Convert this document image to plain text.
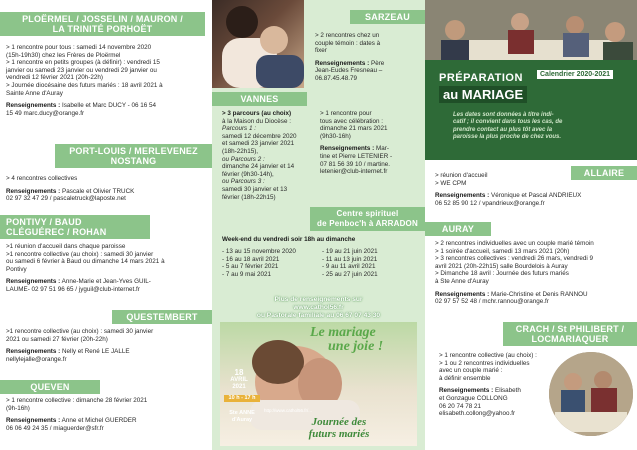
PLOËRMEL / JOSSELIN / MAURON /
LA TRINITÉ PORHOËT
> 1 rencontre pour tous : samedi 14 novembre 2020
(15h-19h30) chez les Frères de Ploërmel
> 1 rencontre en petits groupes (à définir) : vendredi 15
janvier ou samedi 23 janvier ou vendredi 29 janvier ou
vendredi 12 février 2021 (20h-22h)
> Journée diocésaine des futurs mariés : 18 avril 2021 à
Sainte Anne d'Auray
Renseignements : Isabelle et Marc DUCY - 06 16 54
15 49 marc.ducy@orange.fr
PORT-LOUIS / MERLEVENEZ
NOSTANG
> 4 rencontres collectives
Renseignements : Pascale et Olivier TRUCK
02 97 32 47 29 / pascaletruck@laposte.net
PONTIVY / BAUD
CLÉGUÉREC / ROHAN
>1 réunion d'accueil dans chaque paroisse
>1 rencontre collective (au choix) : samedi 30 janvier
ou samedi 6 février à Baud ou dimanche 14 mars 2021 à
Pontivy
Renseignements : Anne-Marie et Jean-Yves GUIL-
LAUME- 02 97 51 96 65 / jyguil@club-internet.fr
QUESTEMBERT
>1 rencontre collective (au choix) : samedi 30 janvier
2021 ou samedi 27 février (20h-22h)
Renseignements : Nelly et René LE JALLE
nellylejalle@orange.fr
QUEVEN
> 1 rencontre collective : dimanche 28 février 2021
(9h-16h)
Renseignements : Anne et Michel GUERDER
06 06 49 24 35 / miaguerder@sfr.fr
SARZEAU
> 2 rencontres chez un
couple témoin : dates à
fixer
Renseignements : Père
Jean-Eudes Fresneau –
06.87.45.48.79
VANNES
> 3 parcours (au choix)
à la Maison du Diocèse :
Parcours 1 :
samedi 12 décembre 2020
et samedi 23 janvier 2021
(18h-22h15),
ou Parcours 2 :
dimanche 24 janvier et 14
février (9h30-14h),
ou Parcours 3 :
samedi 30 janvier et 13
février (18h-22h15)
> 1 rencontre pour
tous avec célébration :
dimanche 21 mars 2021
(9h30-16h)
Renseignements : Mar-
tine et Pierre LETENIER -
07 81 56 39 10 / martine.
letenier@club-internet.fr
Centre spirituel
de Penboc'h à ARRADON
Week-end du vendredi soir 18h au dimanche
- 13 au 15 novembre 2020
- 16 au 18 avril 2021
- 5 au 7 février 2021
- 7 au 9 mai 2021
- 19 au 21 juin 2021
- 11 au 13 juin 2021
- 9 au 11 avril 2021
- 25 au 27 juin 2021
Plus de renseignements sur
www.cathol56.fr
ou Pastorale familiale au 06 67 07 43 30
Le mariage
une joie !
18
AVRIL
2021
10 h - 17 h
Ste ANNE
d'Auray
http://www.cathol56.fr/...
Journée des
futurs mariés
PRÉPARATION
au MARIAGE
Calendrier 2020-2021
Les dates sont données à titre indi-
catif ; il convient dans tous les cas, de
prendre contact au plus tôt avec la
paroisse la plus proche de chez vous.
ALLAIRE
> réunion d'accueil
> WE CPM
Renseignements : Véronique et Pascal ANDRIEUX
06 52 85 90 12 / vpandrieux@orange.fr
AURAY
> 2 rencontres individuelles avec un couple marié témoin
> 1 soirée d'accueil, samedi 13 mars 2021 (20h)
> 3 rencontres collectives : vendredi 26 mars, vendredi 9
avril 2021 (20h-22h15) salle Bourdelois à Auray
> Dimanche 18 avril : Journée des futurs mariés
à Ste Anne d'Auray
Renseignements : Marie-Christine et Denis RANNOU
02 97 57 52 48 / mchr.rannou@orange.fr
CRACH / St PHILIBERT /
LOCMARIAQUER
> 1 rencontre collective (au choix) :
> 1 ou 2 rencontres individuelles
avec un couple marié :
à définir ensemble
Renseignements : Elisabeth
et Gonzague COLLONG
06 20 74 78 21
elisabeth.collong@yahoo.fr
